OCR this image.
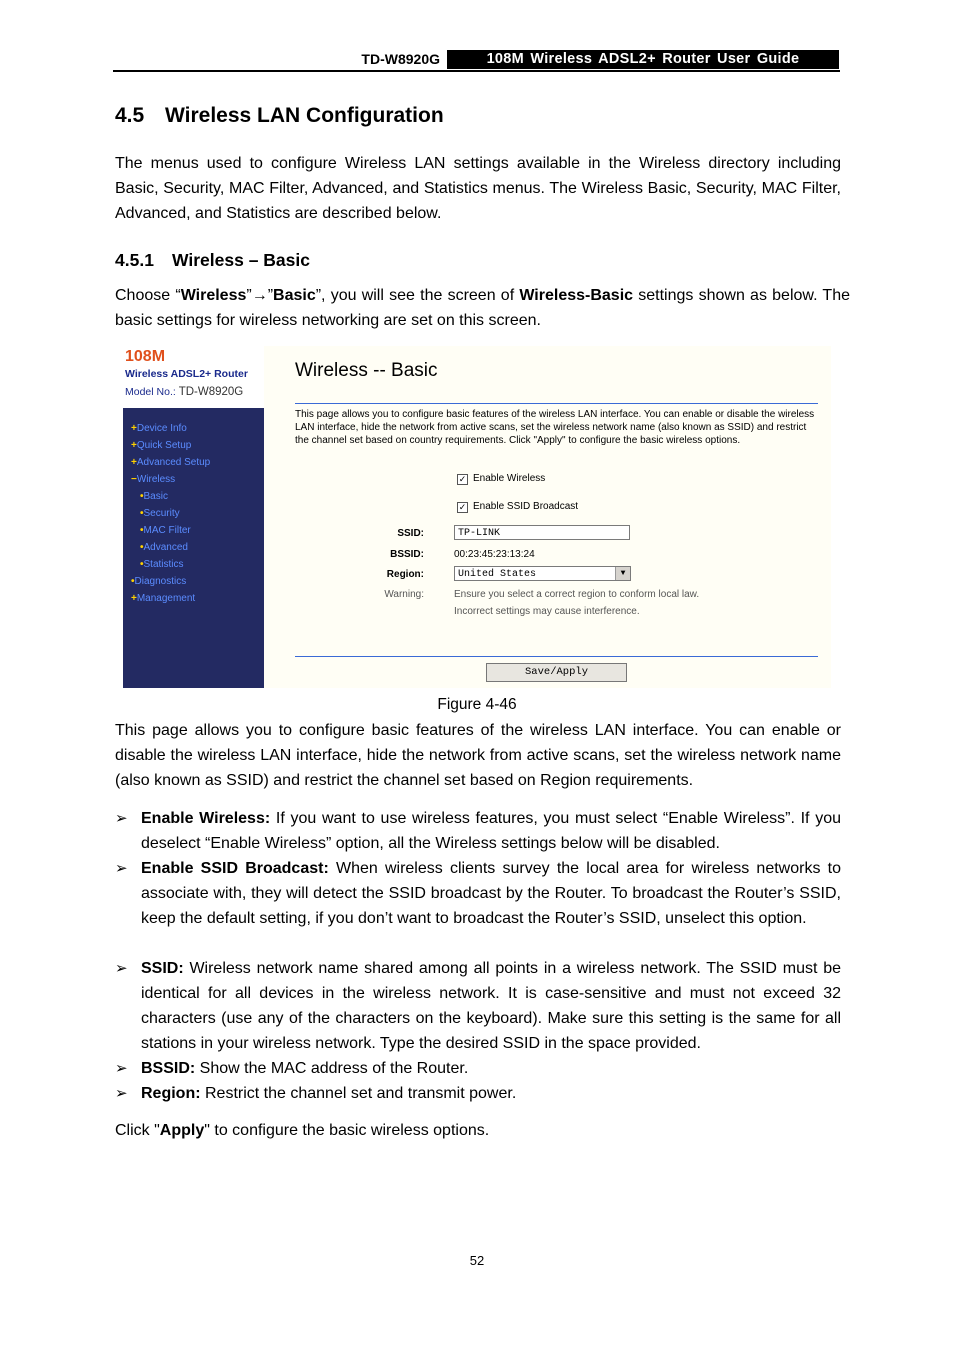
TD-W8920G	108M Wireless ADSL2+ Router User Guide
4.5 Wireless LAN Configuration
The menus used to configure Wireless LAN settings available in the Wireless directory including Basic, Security, MAC Filter, Advanced, and Statistics menus. The Wireless Basic, Security, MAC Filter, Advanced, and Statistics are described below.
4.5.1 Wireless – Basic
Choose “Wireless”→”Basic”, you will see the screen of Wireless-Basic settings shown as below. The basic settings for wireless networking are set on this screen.
108M
Wireless ADSL2+ Router
Model No.: TD-W8920G
+Device Info
+Quick Setup
+Advanced Setup
−Wireless
•Basic
•Security
•MAC Filter
•Advanced
•Statistics
•Diagnostics
+Management
Wireless -- Basic
This page allows you to configure basic features of the wireless LAN interface. You can enable or disable the wireless LAN interface, hide the network from active scans, set the wireless network name (also known as SSID) and restrict the channel set based on country requirements. Click "Apply" to configure the basic wireless options.
✓ Enable Wireless
✓ Enable SSID Broadcast
SSID:	TP-LINK
BSSID:	00:23:45:23:13:24
Region:	United States	▼
Warning:	Ensure you select a correct region to conform local law.
Incorrect settings may cause interference.
Save/Apply
Figure 4-46
This page allows you to configure basic features of the wireless LAN interface. You can enable or disable the wireless LAN interface, hide the network from active scans, set the wireless network name (also known as SSID) and restrict the channel set based on Region requirements.
➢ Enable Wireless: If you want to use wireless features, you must select “Enable Wireless”. If you deselect “Enable Wireless” option, all the Wireless settings below will be disabled.
➢ Enable SSID Broadcast: When wireless clients survey the local area for wireless networks to associate with, they will detect the SSID broadcast by the Router. To broadcast the Router’s SSID, keep the default setting, if you don’t want to broadcast the Router’s SSID, unselect this option.
➢ SSID: Wireless network name shared among all points in a wireless network. The SSID must be identical for all devices in the wireless network. It is case-sensitive and must not exceed 32 characters (use any of the characters on the keyboard). Make sure this setting is the same for all stations in your wireless network. Type the desired SSID in the space provided.
➢ BSSID: Show the MAC address of the Router.
➢ Region: Restrict the channel set and transmit power.
Click "Apply" to configure the basic wireless options.
52
